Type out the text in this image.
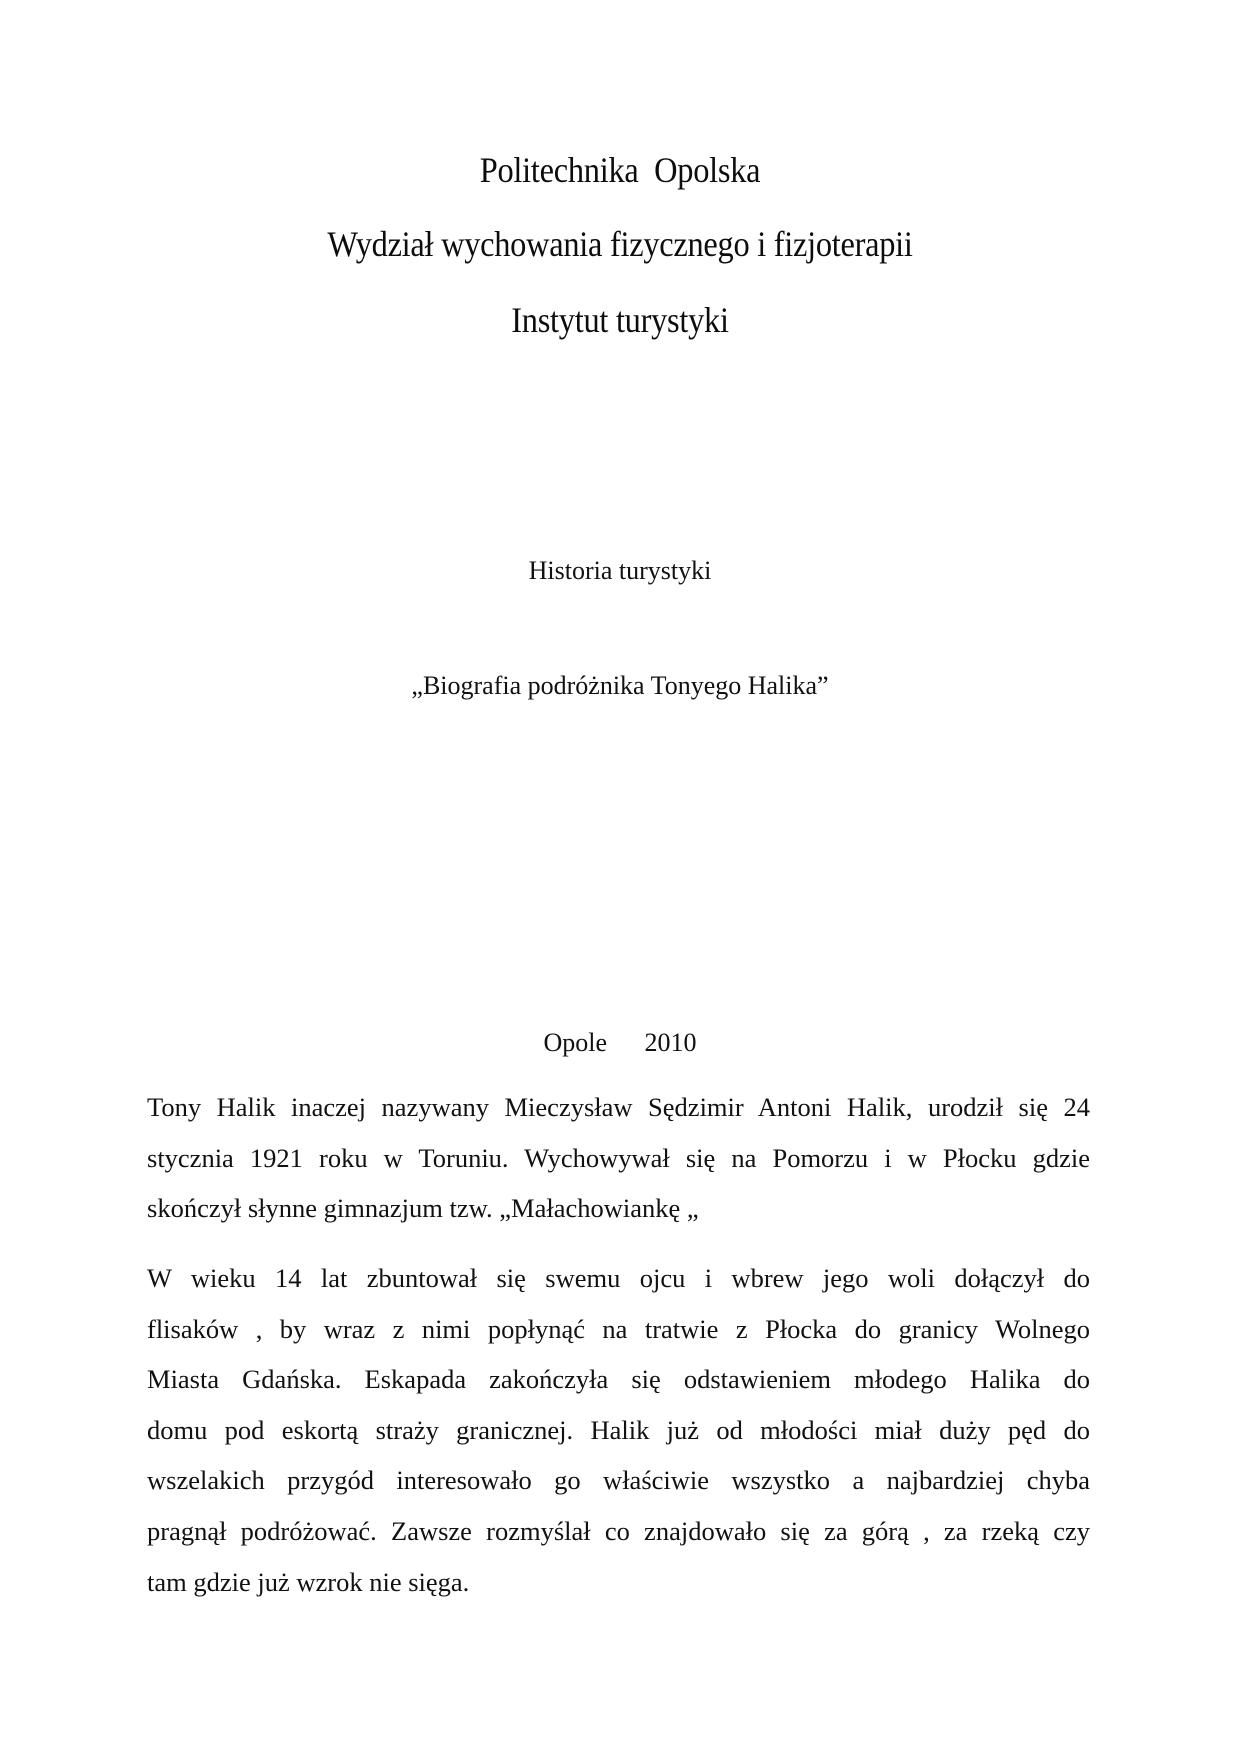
Politechnika  Opolska
Wydział wychowania fizycznego i fizjoterapii
Instytut turystyki
Historia turystyki
„Biografia podróżnika Tonyego Halika”
Opole   2010
Tony Halik inaczej nazywany Mieczysław Sędzimir Antoni Halik, urodził się 24
stycznia 1921 roku w Toruniu. Wychowywał się na Pomorzu i w Płocku gdzie
skończył słynne gimnazjum tzw. „Małachowiankę „
W wieku 14 lat zbuntował się swemu ojcu i wbrew jego woli dołączył do
flisaków , by wraz z nimi popłynąć na tratwie z Płocka do granicy Wolnego
Miasta Gdańska. Eskapada zakończyła się odstawieniem młodego Halika do
domu pod eskortą straży granicznej. Halik już od młodości miał duży pęd do
wszelakich przygód interesowało go właściwie wszystko a najbardziej chyba
pragnął podróżować. Zawsze rozmyślał co znajdowało się za górą , za rzeką czy
tam gdzie już wzrok nie sięga.
